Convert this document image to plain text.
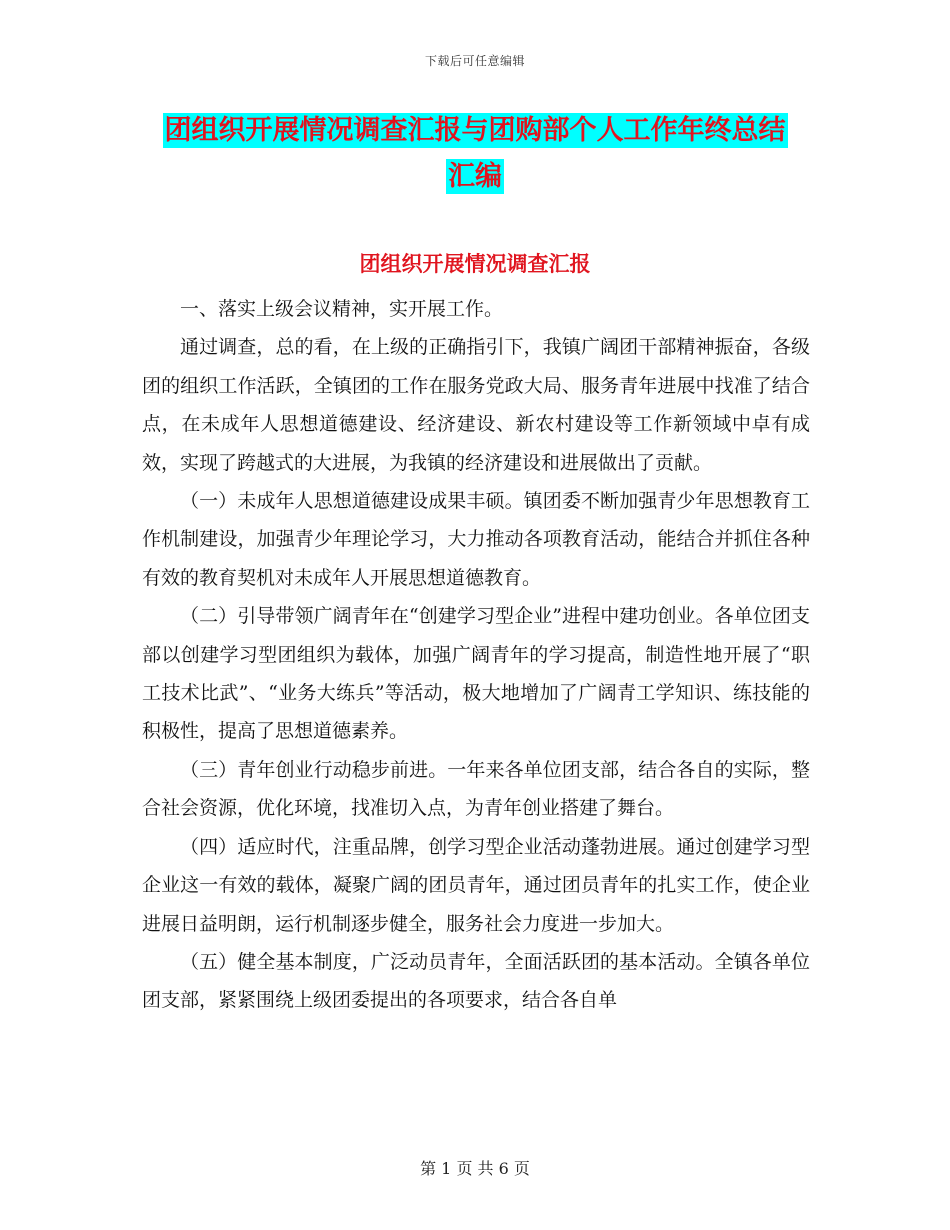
下载后可任意编辑
团组织开展情况调查汇报与团购部个人工作年终总结
汇编
团组织开展情况调查汇报

一、落实上级会议精神，实开展工作。

通过调查，总的看，在上级的正确指引下，我镇广阔团干部精神振奋，各级团的组织工作活跃，全镇团的工作在服务党政大局、服务青年进展中找准了结合点，在未成年人思想道德建设、经济建设、新农村建设等工作新领域中卓有成效，实现了跨越式的大进展，为我镇的经济建设和进展做出了贡献。

（一）未成年人思想道德建设成果丰硕。镇团委不断加强青少年思想教育工作机制建设，加强青少年理论学习，大力推动各项教育活动，能结合并抓住各种有效的教育契机对未成年人开展思想道德教育。

（二）引导带领广阔青年在“创建学习型企业”进程中建功创业。各单位团支部以创建学习型团组织为载体，加强广阔青年的学习提高，制造性地开展了“职工技术比武”、“业务大练兵”等活动，极大地增加了广阔青工学知识、练技能的积极性，提高了思想道德素养。

（三）青年创业行动稳步前进。一年来各单位团支部，结合各自的实际，整合社会资源，优化环境，找准切入点，为青年创业搭建了舞台。

（四）适应时代，注重品牌，创学习型企业活动蓬勃进展。通过创建学习型企业这一有效的载体，凝聚广阔的团员青年，通过团员青年的扎实工作，使企业进展日益明朗，运行机制逐步健全，服务社会力度进一步加大。

（五）健全基本制度，广泛动员青年，全面活跃团的基本活动。全镇各单位团支部，紧紧围绕上级团委提出的各项要求，结合各自单

第 1 页 共 6 页
